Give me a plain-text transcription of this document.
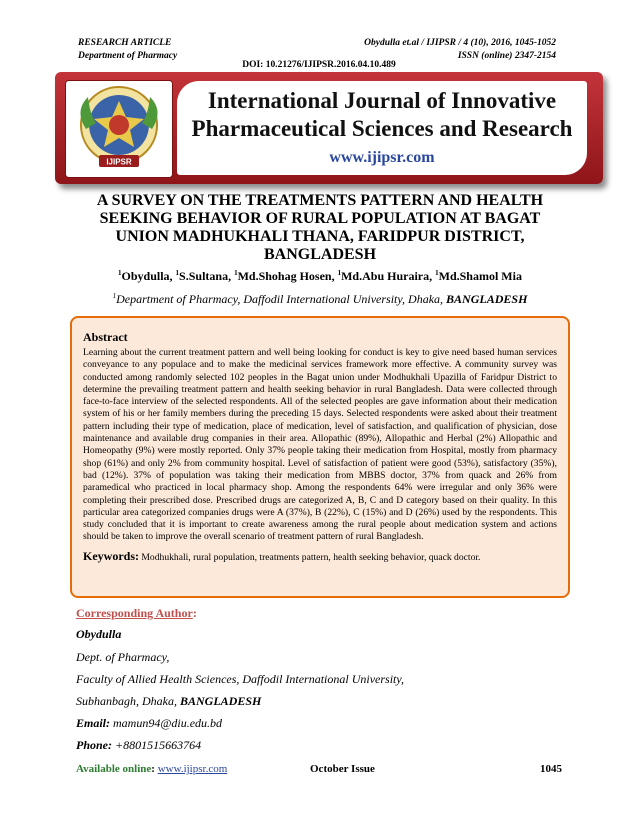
RESEARCH ARTICLE	Obydulla et.al / IJIPSR / 4 (10), 2016, 1045-1052
Department of Pharmacy	ISSN (online) 2347-2154
DOI: 10.21276/IJIPSR.2016.04.10.489
IJIPSR
International Journal of Innovative
Pharmaceutical Sciences and Research
www.ijipsr.com
A SURVEY ON THE TREATMENTS PATTERN AND HEALTH
SEEKING BEHAVIOR OF RURAL POPULATION AT BAGAT
UNION MADHUKHALI THANA, FARIDPUR DISTRICT,
BANGLADESH
$^1$Obydulla, $^1$S.Sultana, $^1$Md.Shohag Hosen, $^1$Md.Abu Huraira, $^1$Md.Shamol Mia
$^1$Department of Pharmacy, Daffodil International University, Dhaka, BANGLADESH
Abstract
Learning about the current treatment pattern and well being looking for conduct is key to give need based human services conveyance to any populace and to make the medicinal services framework more effective. A community survey was conducted among randomly selected 102 peoples in the Bagat union under Modhukhali Upazilla of Faridpur District to determine the prevailing treatment pattern and health seeking behavior in rural Bangladesh. Data were collected through face-to-face interview of the selected respondents. All of the selected peoples are gave information about their medication system of his or her family members during the preceding 15 days. Selected respondents were asked about their treatment pattern including their type of medication, place of medication, level of satisfaction, and qualification of physician, dose maintenance and available drug companies in their area. Allopathic (89%), Allopathic and Herbal (2%) Allopathic and Homeopathy (9%) were mostly reported. Only 37% people taking their medication from Hospital, mostly from pharmacy shop (61%) and only 2% from community hospital. Level of satisfaction of patient were good (53%), satisfactory (35%), bad (12%). 37% of population was taking their medication from MBBS doctor, 37% from quack and 26% from paramedical who practiced in local pharmacy shop. Among the respondents 64% were irregular and only 36% were completing their prescribed dose. Prescribed drugs are categorized A, B, C and D category based on their quality. In this particular area categorized companies drugs were A (37%), B (22%), C (15%) and D (26%) used by the respondents. This study concluded that it is important to create awareness among the rural people about medication system and actions should be taken to improve the overall scenario of treatment pattern of rural Bangladesh.
Keywords: Modhukhali, rural population, treatments pattern, health seeking behavior, quack doctor.
Corresponding Author:
Obydulla
Dept. of Pharmacy,
Faculty of Allied Health Sciences, Daffodil International University,
Subhanbagh, Dhaka, BANGLADESH
Email: mamun94@diu.edu.bd
Phone: +8801515663764
Available online: www.ijipsr.com	October Issue	1045
